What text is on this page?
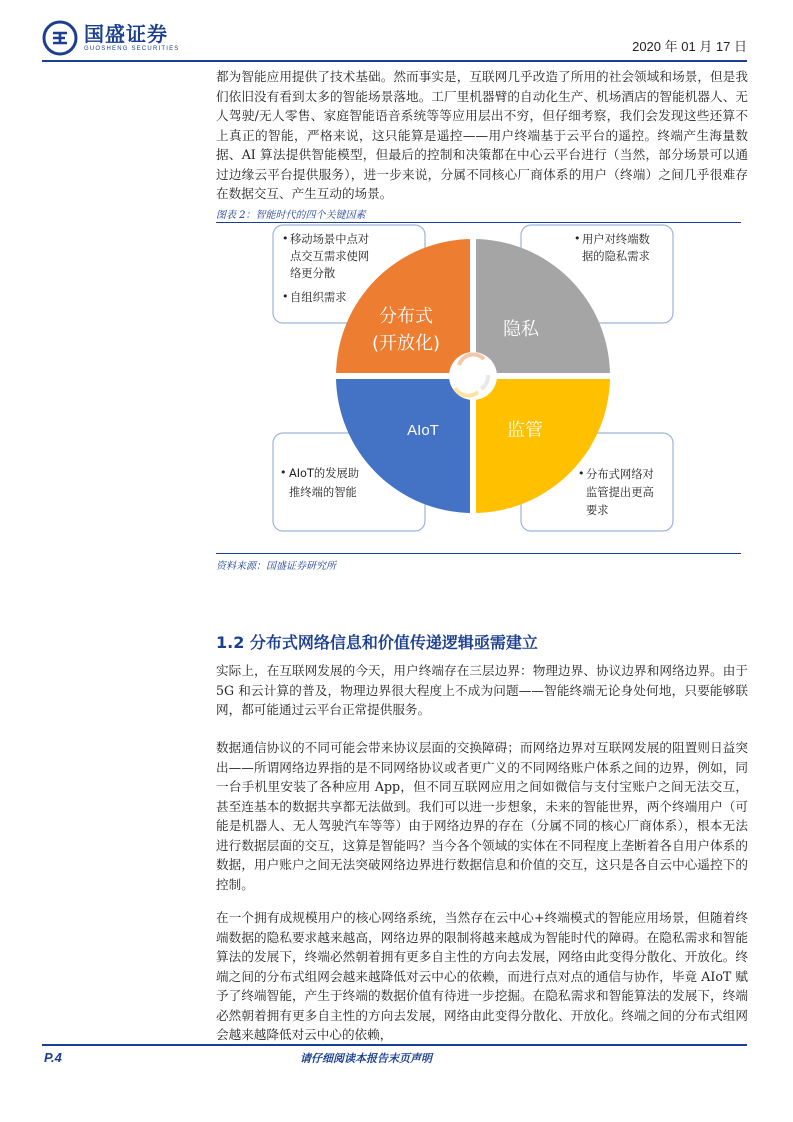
国盛证券
GUOSHENG SECURITIES	2020 年 01 月 17 日
都为智能应用提供了技术基础。然而事实是，互联网几乎改造了所用的社会领域和场景，但是我们依旧没有看到太多的智能场景落地。工厂里机器臂的自动化生产、机场酒店的智能机器人、无人驾驶/无人零售、家庭智能语音系统等等应用层出不穷，但仔细考察，我们会发现这些还算不上真正的智能，严格来说，这只能算是遥控——用户终端基于云平台的遥控。终端产生海量数据、AI 算法提供智能模型，但最后的控制和决策都在中心云平台进行（当然，部分场景可以通过边缘云平台提供服务），进一步来说，分属不同核心厂商体系的用户（终端）之间几乎很难存在数据交互、产生互动的场景。
图表 2：智能时代的四个关键因素
分布式
(开放化)
隐私
AIoT	监管
• 移动场景中点对
点交互需求使网
络更分散
• 自组织需求
• 用户对终端数
据的隐私需求
• AIoT的发展助
推终端的智能
• 分布式网络对
监管提出更高
要求
资料来源：国盛证券研究所
1.2 分布式网络信息和价值传递逻辑亟需建立
实际上，在互联网发展的今天，用户终端存在三层边界：物理边界、协议边界和网络边界。由于 5G 和云计算的普及，物理边界很大程度上不成为问题——智能终端无论身处何地，只要能够联网，都可能通过云平台正常提供服务。
数据通信协议的不同可能会带来协议层面的交换障碍；而网络边界对互联网发展的阻置则日益突出——所谓网络边界指的是不同网络协议或者更广义的不同网络账户体系之间的边界，例如，同一台手机里安装了各种应用 App，但不同互联网应用之间如微信与支付宝账户之间无法交互，甚至连基本的数据共享都无法做到。我们可以进一步想象，未来的智能世界，两个终端用户（可能是机器人、无人驾驶汽车等等）由于网络边界的存在（分属不同的核心厂商体系），根本无法进行数据层面的交互，这算是智能吗？当今各个领域的实体在不同程度上垄断着各自用户体系的数据，用户账户之间无法突破网络边界进行数据信息和价值的交互，这只是各自云中心遥控下的控制。
在一个拥有成规模用户的核心网络系统，当然存在云中心+终端模式的智能应用场景，但随着终端数据的隐私要求越来越高，网络边界的限制将越来越成为智能时代的障碍。在隐私需求和智能算法的发展下，终端必然朝着拥有更多自主性的方向去发展，网络由此变得分散化、开放化。终端之间的分布式组网会越来越降低对云中心的依赖，而进行点对点的通信与协作，毕竟 AIoT 赋予了终端智能，产生于终端的数据价值有待进一步挖掘。在隐私需求和智能算法的发展下，终端必然朝着拥有更多自主性的方向去发展，网络由此变得分散化、开放化。终端之间的分布式组网会越来越降低对云中心的依赖，
P.4	请仔细阅读本报告末页声明
